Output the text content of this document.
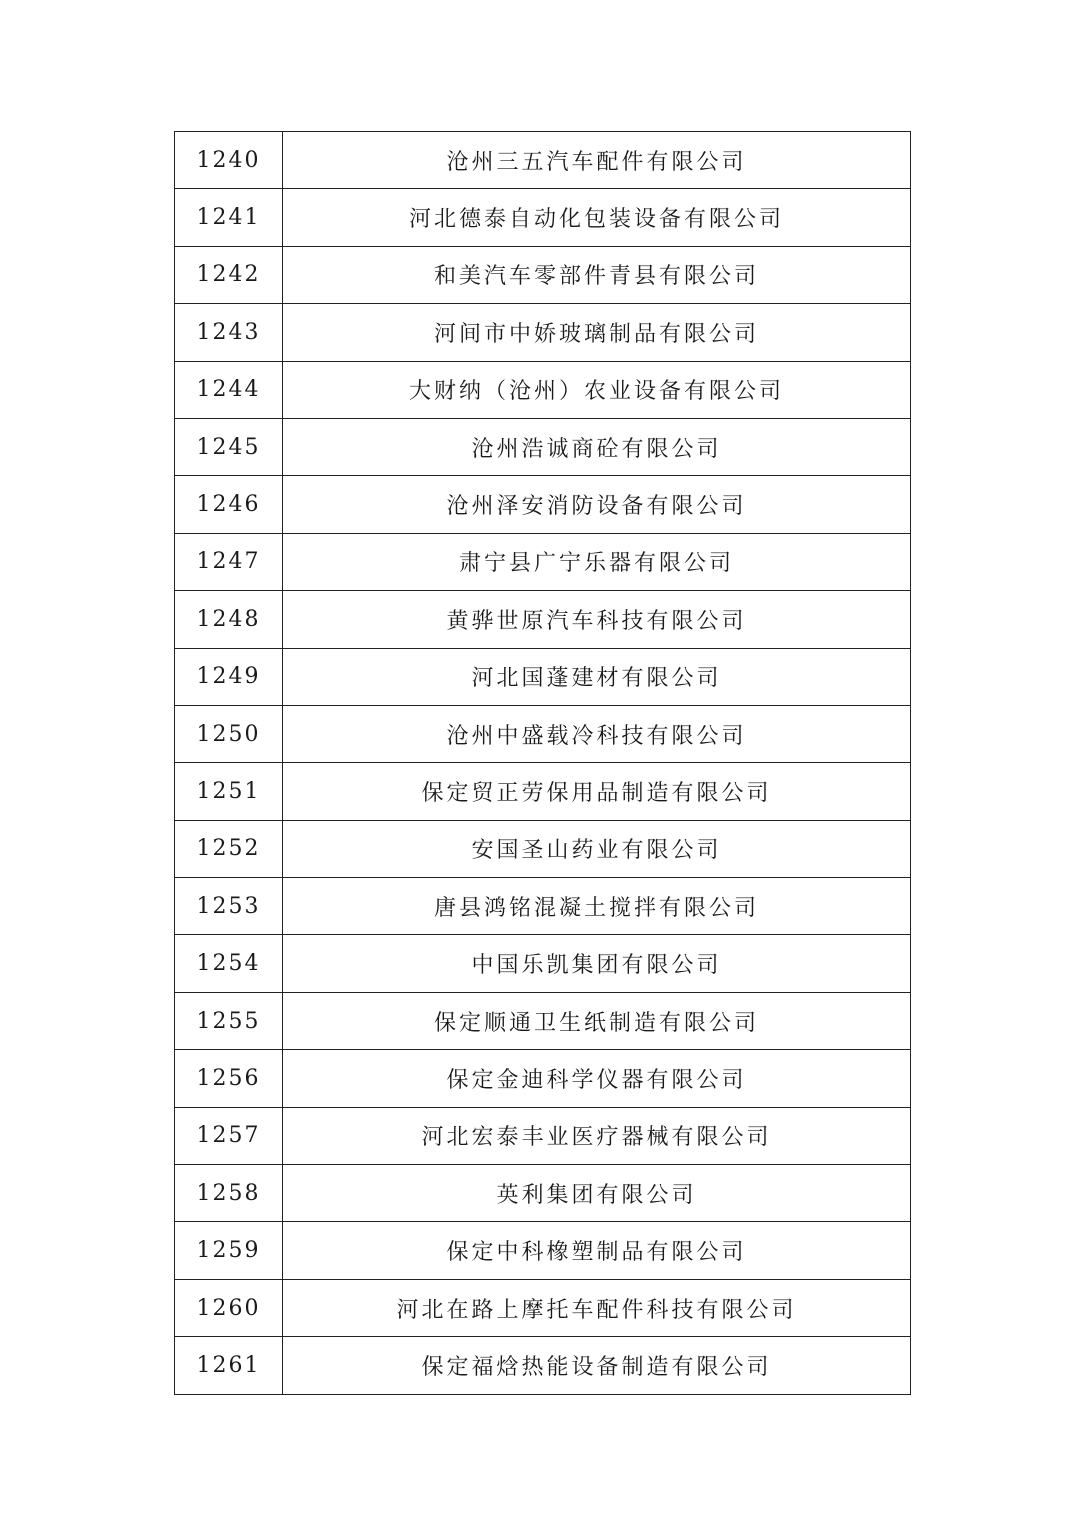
1240	沧州三五汽车配件有限公司
1241	河北德泰自动化包装设备有限公司
1242	和美汽车零部件青县有限公司
1243	河间市中娇玻璃制品有限公司
1244	大财纳（沧州）农业设备有限公司
1245	沧州浩诚商砼有限公司
1246	沧州泽安消防设备有限公司
1247	肃宁县广宁乐器有限公司
1248	黄骅世原汽车科技有限公司
1249	河北国蓬建材有限公司
1250	沧州中盛载冷科技有限公司
1251	保定贸正劳保用品制造有限公司
1252	安国圣山药业有限公司
1253	唐县鸿铭混凝土搅拌有限公司
1254	中国乐凯集团有限公司
1255	保定顺通卫生纸制造有限公司
1256	保定金迪科学仪器有限公司
1257	河北宏泰丰业医疗器械有限公司
1258	英利集团有限公司
1259	保定中科橡塑制品有限公司
1260	河北在路上摩托车配件科技有限公司
1261	保定福焓热能设备制造有限公司
